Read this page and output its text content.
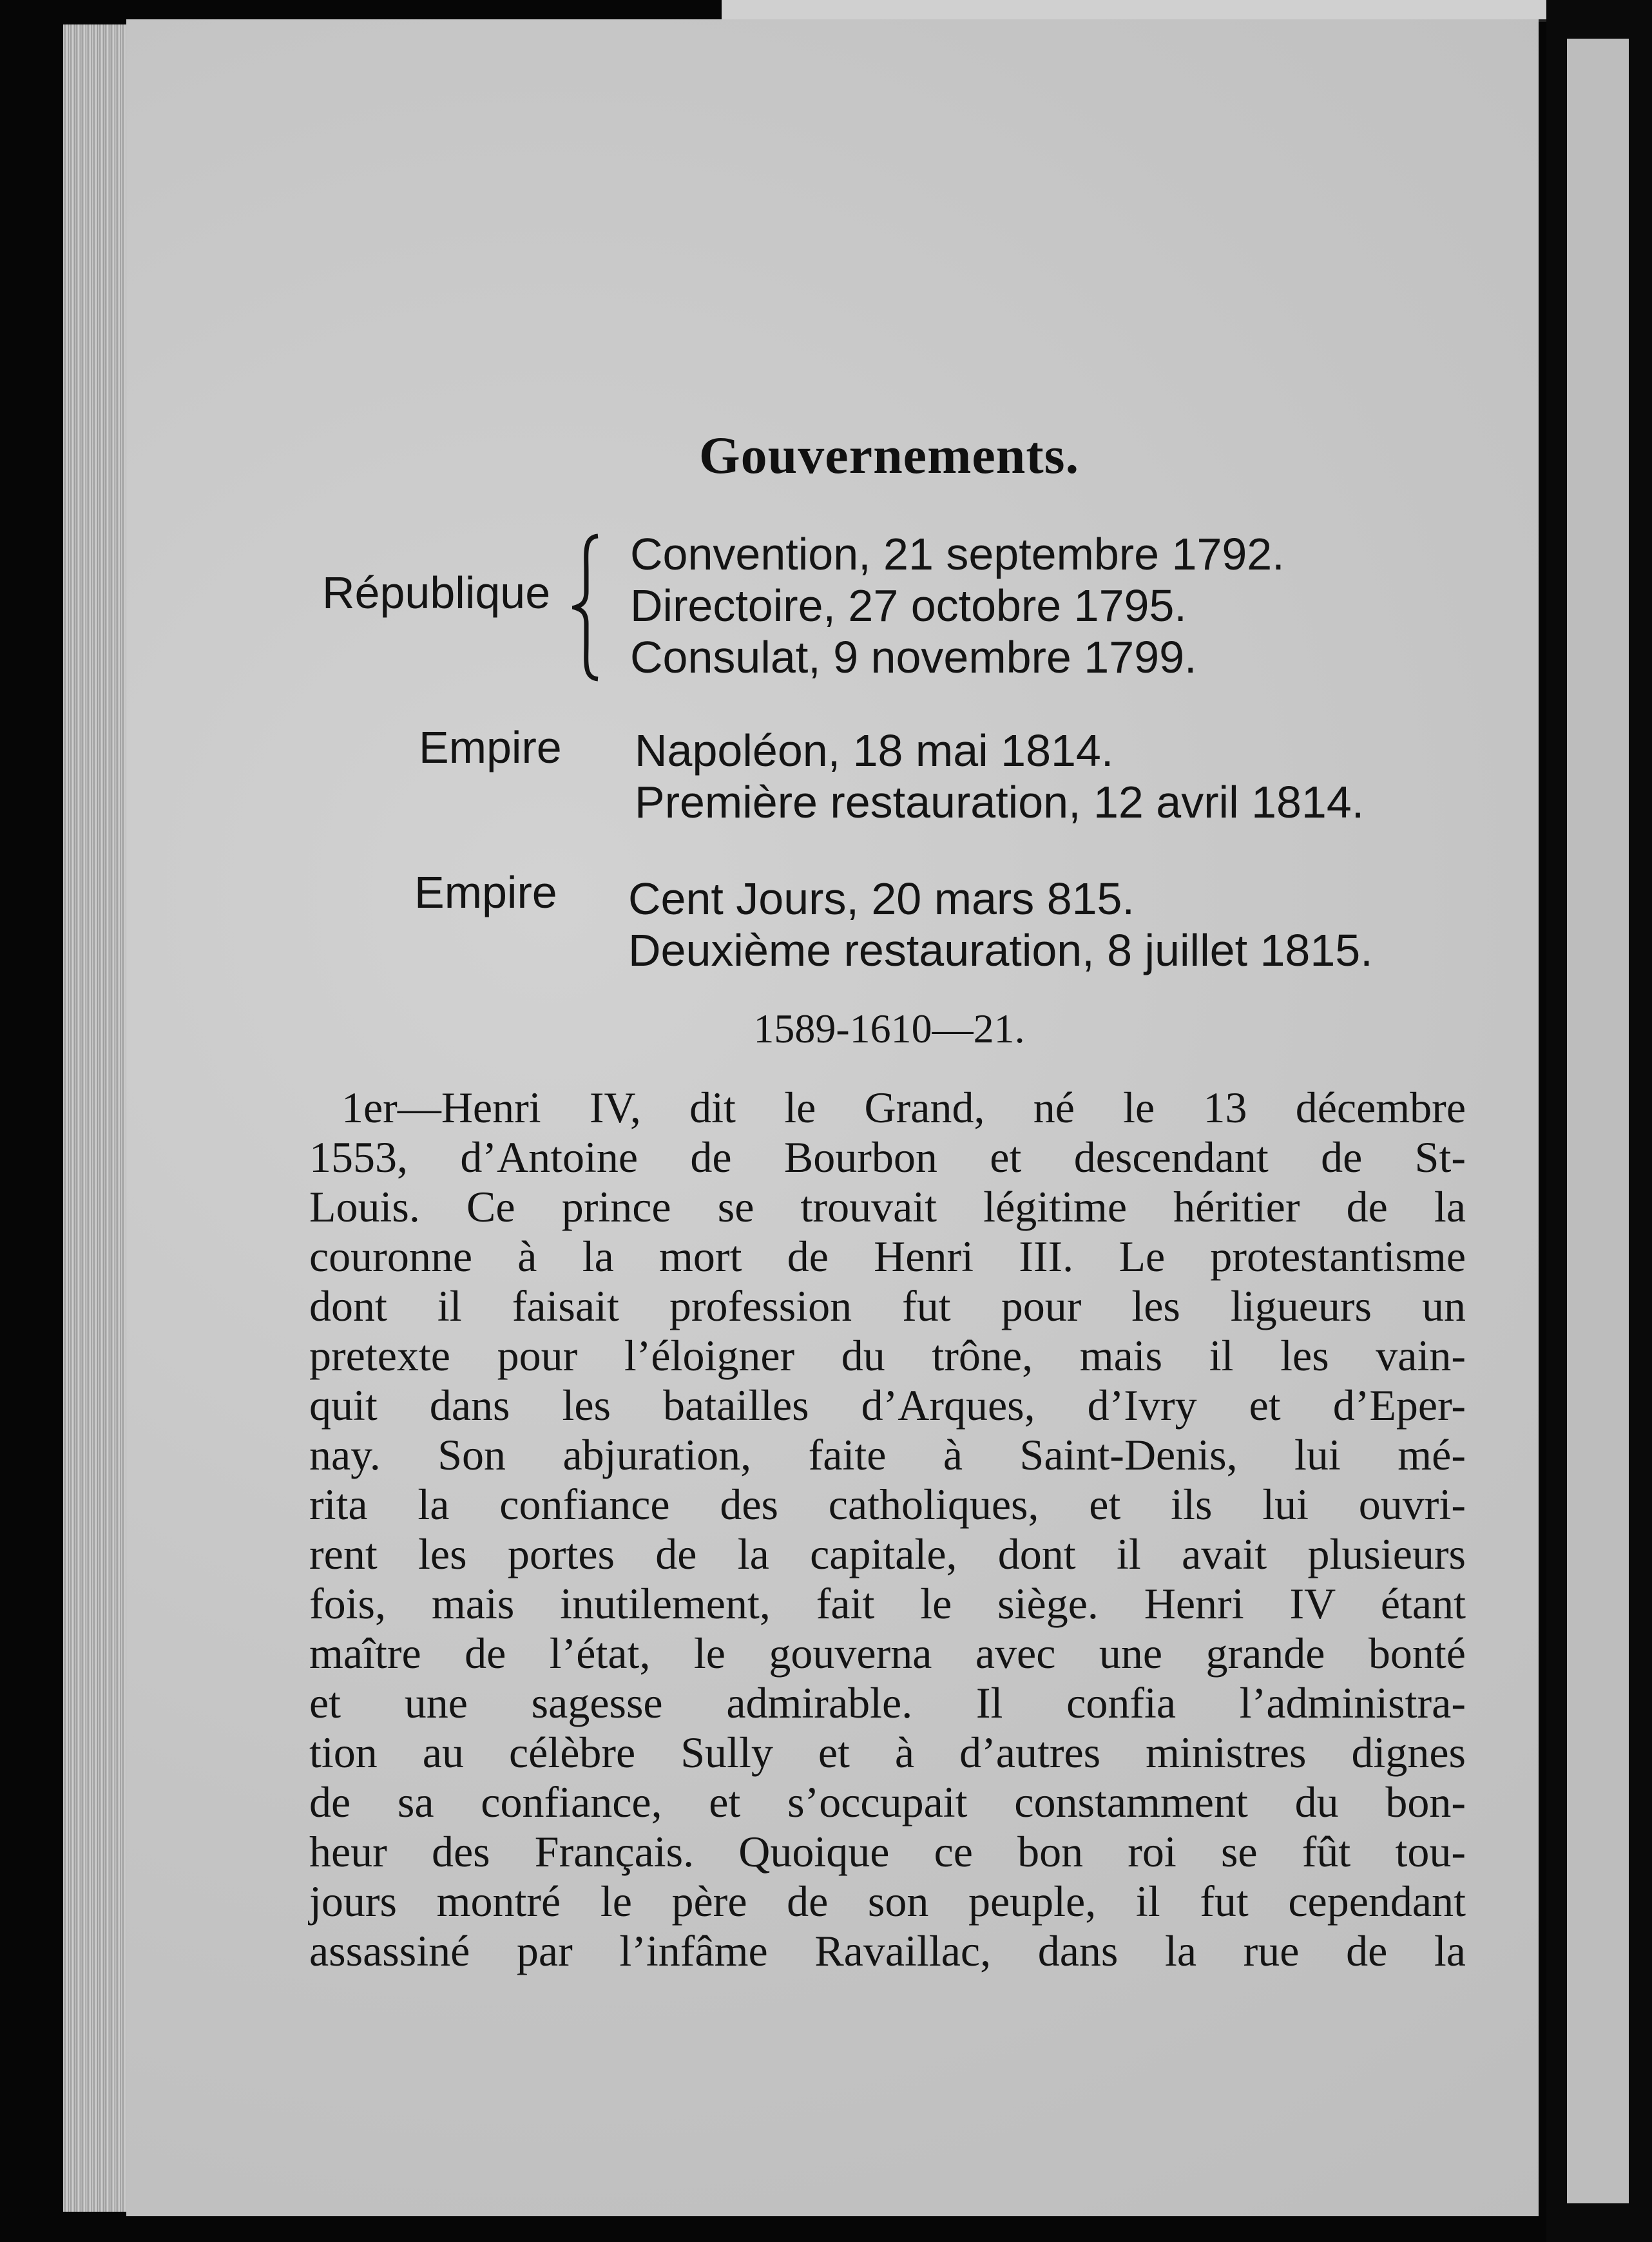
Gouvernements.
République
Convention, 21 septembre 1792.
Directoire, 27 octobre 1795.
Consulat, 9 novembre 1799.
Empire Napoléon, 18 mai 1814.
Première restauration, 12 avril 1814.
Empire Cent Jours, 20 mars 815.
Deuxième restauration, 8 juillet 1815.
1589-1610—21.
1er—Henri IV, dit le Grand, né le 13 décembre
1553, d’Antoine de Bourbon et descendant de St-
Louis. Ce prince se trouvait légitime héritier de la
couronne à la mort de Henri III. Le protestantisme
dont il faisait profession fut pour les ligueurs un
pretexte pour l’éloigner du trône, mais il les vain-
quit dans les batailles d’Arques, d’Ivry et d’Eper-
nay. Son abjuration, faite à Saint-Denis, lui mé-
rita la confiance des catholiques, et ils lui ouvri-
rent les portes de la capitale, dont il avait plusieurs
fois, mais inutilement, fait le siège. Henri IV étant
maître de l’état, le gouverna avec une grande bonté
et une sagesse admirable. Il confia l’administra-
tion au célèbre Sully et à d’autres ministres dignes
de sa confiance, et s’occupait constamment du bon-
heur des Français. Quoique ce bon roi se fût tou-
jours montré le père de son peuple, il fut cependant
assassiné par l’infâme Ravaillac, dans la rue de la
